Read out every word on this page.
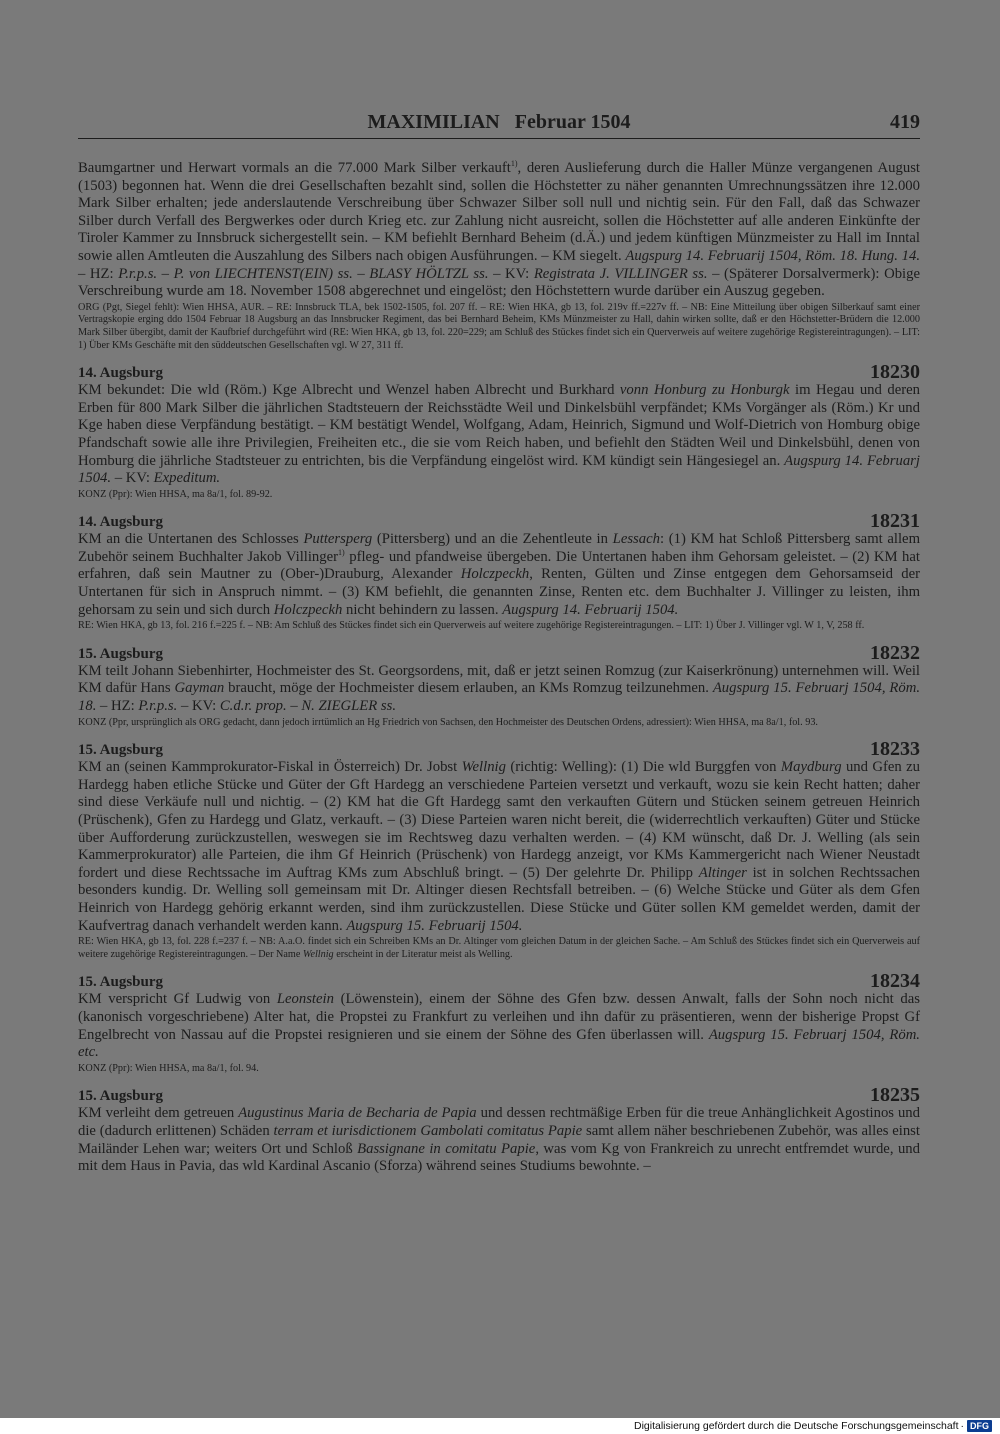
MAXIMILIAN   Februar 1504	419

Baumgartner und Herwart vormals an die 77.000 Mark Silber verkauft$^{1)}$, deren Auslieferung durch die Haller Münze vergangenen August (1503) begonnen hat. Wenn die drei Gesellschaften bezahlt sind, sollen die Höchstetter zu näher genannten Umrechnungssätzen ihre 12.000 Mark Silber erhalten; jede anderslautende Verschreibung über Schwazer Silber soll null und nichtig sein. Für den Fall, daß das Schwazer Silber durch Verfall des Bergwerkes oder durch Krieg etc. zur Zahlung nicht ausreicht, sollen die Höchstetter auf alle anderen Einkünfte der Tiroler Kammer zu Innsbruck sichergestellt sein. – KM befiehlt Bernhard Beheim (d.Ä.) und jedem künftigen Münzmeister zu Hall im Inntal sowie allen Amtleuten die Auszahlung des Silbers nach obigen Ausführungen. – KM siegelt. Augspurg 14. Februarij 1504, Röm. 18. Hung. 14. – HZ: P.r.p.s. – P. von LIECHTENST(EIN) ss. – BLASY HÖLTZL ss. – KV: Registrata J. VILLINGER ss. – (Späterer Dorsalvermerk): Obige Verschreibung wurde am 18. November 1508 abgerechnet und eingelöst; den Höchstettern wurde darüber ein Auszug gegeben.

ORG (Pgt, Siegel fehlt): Wien HHSA, AUR. – RE: Innsbruck TLA, bek 1502-1505, fol. 207 ff. – RE: Wien HKA, gb 13, fol. 219v ff.=227v ff. – NB: Eine Mitteilung über obigen Silberkauf samt einer Vertragskopie erging ddo 1504 Februar 18 Augsburg an das Innsbrucker Regiment, das bei Bernhard Beheim, KMs Münzmeister zu Hall, dahin wirken sollte, daß er den Höchstetter-Brüdern die 12.000 Mark Silber übergibt, damit der Kaufbrief durchgeführt wird (RE: Wien HKA, gb 13, fol. 220=229; am Schluß des Stückes findet sich ein Querverweis auf weitere zugehörige Registereintragungen). – LIT: 1) Über KMs Geschäfte mit den süddeutschen Gesellschaften vgl. W 27, 311 ff.

14. Augsburg	18230

KM bekundet: Die wld (Röm.) Kge Albrecht und Wenzel haben Albrecht und Burkhard vonn Honburg zu Honburgk im Hegau und deren Erben für 800 Mark Silber die jährlichen Stadtsteuern der Reichsstädte Weil und Dinkelsbühl verpfändet; KMs Vorgänger als (Röm.) Kr und Kge haben diese Verpfändung bestätigt. – KM bestätigt Wendel, Wolfgang, Adam, Heinrich, Sigmund und Wolf-Dietrich von Homburg obige Pfandschaft sowie alle ihre Privilegien, Freiheiten etc., die sie vom Reich haben, und befiehlt den Städten Weil und Dinkelsbühl, denen von Homburg die jährliche Stadtsteuer zu entrichten, bis die Verpfändung eingelöst wird. KM kündigt sein Hängesiegel an. Augspurg 14. Februarj 1504. – KV: Expeditum.

KONZ (Ppr): Wien HHSA, ma 8a/1, fol. 89-92.

14. Augsburg	18231

KM an die Untertanen des Schlosses Puttersperg (Pittersberg) und an die Zehentleute in Lessach: (1) KM hat Schloß Pittersberg samt allem Zubehör seinem Buchhalter Jakob Villinger$^{1)}$ pfleg- und pfandweise übergeben. Die Untertanen haben ihm Gehorsam geleistet. – (2) KM hat erfahren, daß sein Mautner zu (Ober-)Drauburg, Alexander Holczpeckh, Renten, Gülten und Zinse entgegen dem Gehorsamseid der Untertanen für sich in Anspruch nimmt. – (3) KM befiehlt, die genannten Zinse, Renten etc. dem Buchhalter J. Villinger zu leisten, ihm gehorsam zu sein und sich durch Holczpeckh nicht behindern zu lassen. Augspurg 14. Februarij 1504.

RE: Wien HKA, gb 13, fol. 216 f.=225 f. – NB: Am Schluß des Stückes findet sich ein Querverweis auf weitere zugehörige Registereintragungen. – LIT: 1) Über J. Villinger vgl. W 1, V, 258 ff.

15. Augsburg	18232

KM teilt Johann Siebenhirter, Hochmeister des St. Georgsordens, mit, daß er jetzt seinen Romzug (zur Kaiserkrönung) unternehmen will. Weil KM dafür Hans Gayman braucht, möge der Hochmeister diesem erlauben, an KMs Romzug teilzunehmen. Augspurg 15. Februarj 1504, Röm. 18. – HZ: P.r.p.s. – KV: C.d.r. prop. – N. ZIEGLER ss.

KONZ (Ppr, ursprünglich als ORG gedacht, dann jedoch irrtümlich an Hg Friedrich von Sachsen, den Hochmeister des Deutschen Ordens, adressiert): Wien HHSA, ma 8a/1, fol. 93.

15. Augsburg	18233

KM an (seinen Kammprokurator-Fiskal in Österreich) Dr. Jobst Wellnig (richtig: Welling): (1) Die wld Burggfen von Maydburg und Gfen zu Hardegg haben etliche Stücke und Güter der Gft Hardegg an verschiedene Parteien versetzt und verkauft, wozu sie kein Recht hatten; daher sind diese Verkäufe null und nichtig. – (2) KM hat die Gft Hardegg samt den verkauften Gütern und Stücken seinem getreuen Heinrich (Prüschenk), Gfen zu Hardegg und Glatz, verkauft. – (3) Diese Parteien waren nicht bereit, die (widerrechtlich verkauften) Güter und Stücke über Aufforderung zurückzustellen, weswegen sie im Rechtsweg dazu verhalten werden. – (4) KM wünscht, daß Dr. J. Welling (als sein Kammerprokurator) alle Parteien, die ihm Gf Heinrich (Prüschenk) von Hardegg anzeigt, vor KMs Kammergericht nach Wiener Neustadt fordert und diese Rechtssache im Auftrag KMs zum Abschluß bringt. – (5) Der gelehrte Dr. Philipp Altinger ist in solchen Rechtssachen besonders kundig. Dr. Welling soll gemeinsam mit Dr. Altinger diesen Rechtsfall betreiben. – (6) Welche Stücke und Güter als dem Gfen Heinrich von Hardegg gehörig erkannt werden, sind ihm zurückzustellen. Diese Stücke und Güter sollen KM gemeldet werden, damit der Kaufvertrag danach verhandelt werden kann. Augspurg 15. Februarij 1504.

RE: Wien HKA, gb 13, fol. 228 f.=237 f. – NB: A.a.O. findet sich ein Schreiben KMs an Dr. Altinger vom gleichen Datum in der gleichen Sache. – Am Schluß des Stückes findet sich ein Querverweis auf weitere zugehörige Registereintragungen. – Der Name Wellnig erscheint in der Literatur meist als Welling.

15. Augsburg	18234

KM verspricht Gf Ludwig von Leonstein (Löwenstein), einem der Söhne des Gfen bzw. dessen Anwalt, falls der Sohn noch nicht das (kanonisch vorgeschriebene) Alter hat, die Propstei zu Frankfurt zu verleihen und ihn dafür zu präsentieren, wenn der bisherige Propst Gf Engelbrecht von Nassau auf die Propstei resignieren und sie einem der Söhne des Gfen überlassen will. Augspurg 15. Februarj 1504, Röm. etc.

KONZ (Ppr): Wien HHSA, ma 8a/1, fol. 94.

15. Augsburg	18235

KM verleiht dem getreuen Augustinus Maria de Becharia de Papia und dessen rechtmäßige Erben für die treue Anhänglichkeit Agostinos und die (dadurch erlittenen) Schäden terram et iurisdictionem Gambolati comitatus Papie samt allem näher beschriebenen Zubehör, was alles einst Mailänder Lehen war; weiters Ort und Schloß Bassignane in comitatu Papie, was vom Kg von Frankreich zu unrecht entfremdet wurde, und mit dem Haus in Pavia, das wld Kardinal Ascanio (Sforza) während seines Studiums bewohnte. –

Digitalisierung gefördert durch die Deutsche Forschungsgemeinschaft · DFG
